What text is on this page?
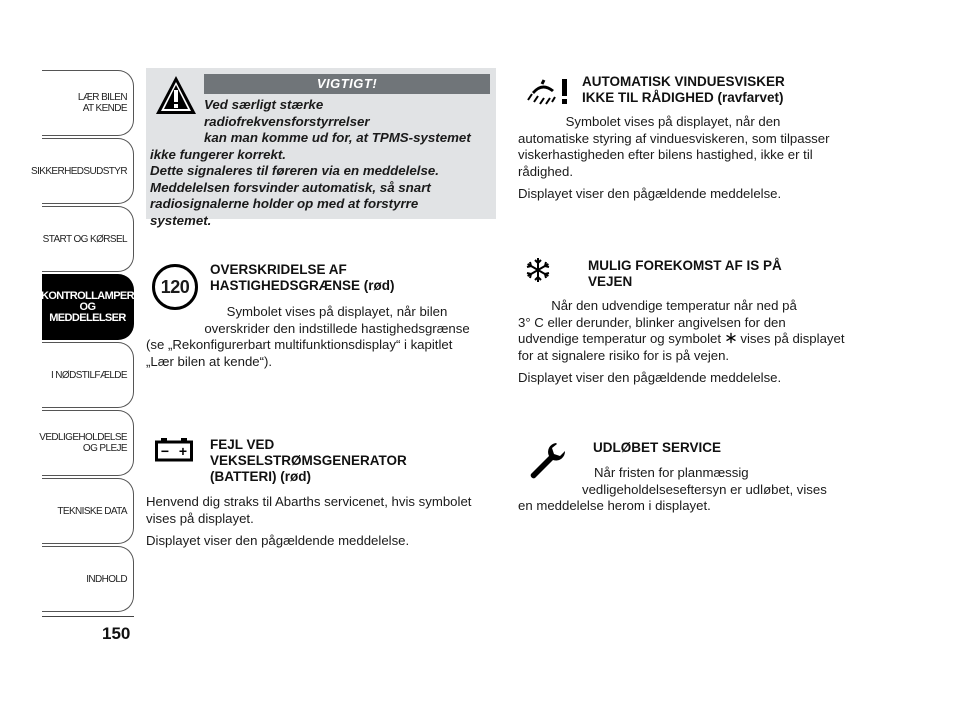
LÆR BILEN
AT KENDE
SIKKERHEDSUDSTYR
START OG KØRSEL
KONTROLLAMPER
OG MEDDELELSER
I NØDSTILFÆLDE
VEDLIGEHOLDELSE
OG PLEJE
TEKNISKE DATA
INDHOLD
150
VIGTIGT!
Ved særligt stærke radiofrekvensforstyrrelser
kan man komme ud for, at TPMS-systemet
ikke fungerer korrekt.
Dette signaleres til føreren via en meddelelse.
Meddelelsen forsvinder automatisk, så snart
radiosignalerne holder op med at forstyrre
systemet.
120
OVERSKRIDELSE AF
HASTIGHEDSGRÆNSE (rød)
Symbolet vises på displayet, når bilen
overskrider den indstillede hastighedsgrænse
(se „Rekonfigurerbart multifunktionsdisplay“ i kapitlet
„Lær bilen at kende“).
− + FEJL VED
VEKSELSTRØMSGENERATOR
(BATTERI) (rød)

Henvend dig straks til Abarths servicenet, hvis symbolet
vises på displayet.

Displayet viser den pågældende meddelelse.

AUTOMATISK VINDUESVISKER
IKKE TIL RÅDIGHED (ravfarvet)
Symbolet vises på displayet, når den
automatiske styring af vinduesviskeren, som tilpasser
viskerhastigheden efter bilens hastighed, ikke er til
rådighed.
Displayet viser den pågældende meddelelse.
MULIG FOREKOMST AF IS PÅ
VEJEN
Når den udvendige temperatur når ned på
3° C eller derunder, blinker angivelsen for den
udvendige temperatur og symbolet vises på displayet
for at signalere risiko for is på vejen.
Displayet viser den pågældende meddelelse.
UDLØBET SERVICE
Når fristen for planmæssig
vedligeholdelseseftersyn er udløbet, vises
en meddelelse herom i displayet.
